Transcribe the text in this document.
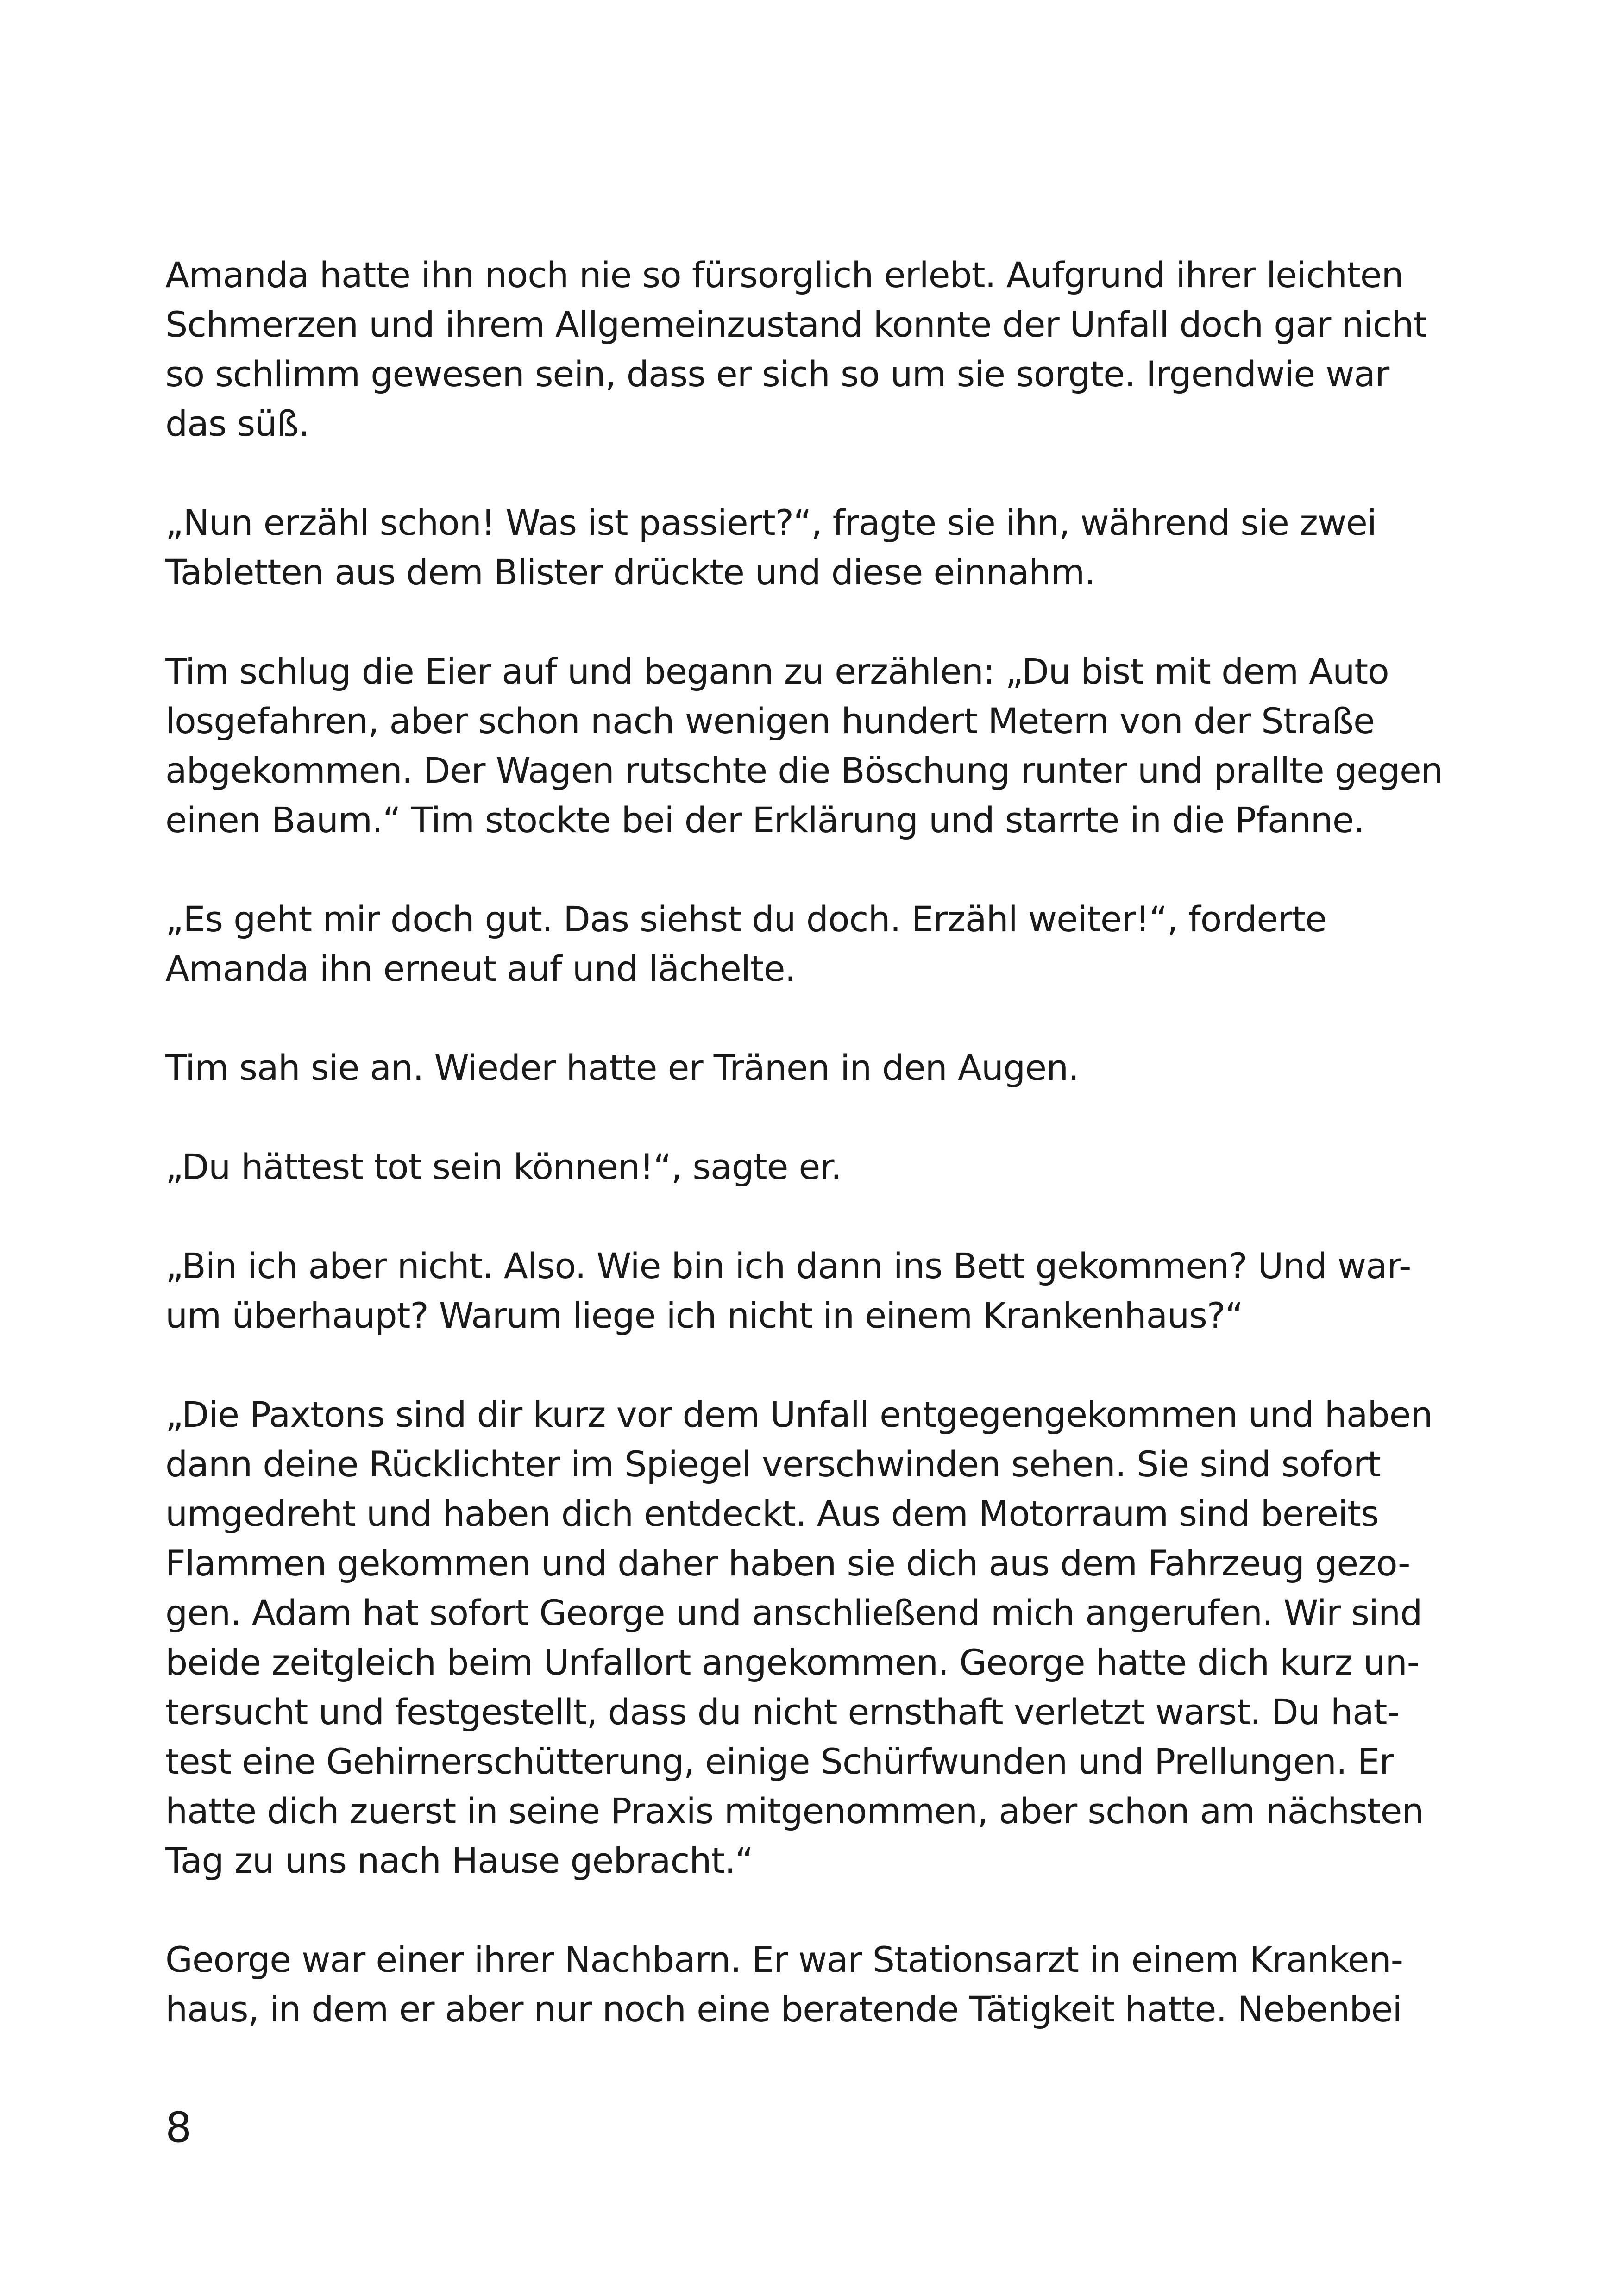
Amanda hatte ihn noch nie so fürsorglich erlebt. Aufgrund ihrer leichten
Schmerzen und ihrem Allgemeinzustand konnte der Unfall doch gar nicht
so schlimm gewesen sein, dass er sich so um sie sorgte. Irgendwie war
das süß.

„Nun erzähl schon! Was ist passiert?“, fragte sie ihn, während sie zwei
Tabletten aus dem Blister drückte und diese einnahm.

Tim schlug die Eier auf und begann zu erzählen: „Du bist mit dem Auto
losgefahren, aber schon nach wenigen hundert Metern von der Straße
abgekommen. Der Wagen rutschte die Böschung runter und prallte gegen
einen Baum.“ Tim stockte bei der Erklärung und starrte in die Pfanne.

„Es geht mir doch gut. Das siehst du doch. Erzähl weiter!“, forderte
Amanda ihn erneut auf und lächelte.

Tim sah sie an. Wieder hatte er Tränen in den Augen.

„Du hättest tot sein können!“, sagte er.

„Bin ich aber nicht. Also. Wie bin ich dann ins Bett gekommen? Und war-
um überhaupt? Warum liege ich nicht in einem Krankenhaus?“

„Die Paxtons sind dir kurz vor dem Unfall entgegengekommen und haben
dann deine Rücklichter im Spiegel verschwinden sehen. Sie sind sofort
umgedreht und haben dich entdeckt. Aus dem Motorraum sind bereits
Flammen gekommen und daher haben sie dich aus dem Fahrzeug gezo-
gen. Adam hat sofort George und anschließend mich angerufen. Wir sind
beide zeitgleich beim Unfallort angekommen. George hatte dich kurz un-
tersucht und festgestellt, dass du nicht ernsthaft verletzt warst. Du hat-
test eine Gehirnerschütterung, einige Schürfwunden und Prellungen. Er
hatte dich zuerst in seine Praxis mitgenommen, aber schon am nächsten
Tag zu uns nach Hause gebracht.“

George war einer ihrer Nachbarn. Er war Stationsarzt in einem Kranken-
haus, in dem er aber nur noch eine beratende Tätigkeit hatte. Nebenbei

8
